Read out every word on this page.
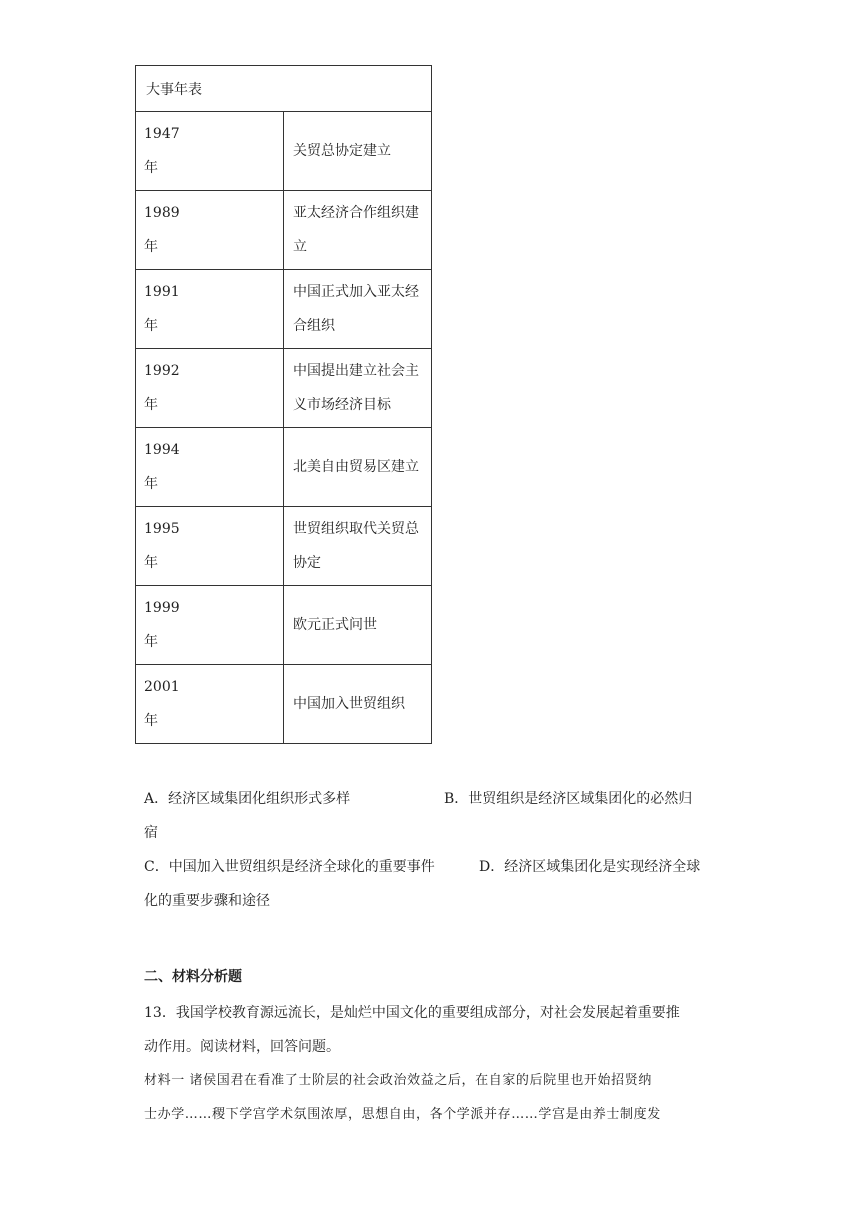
大事年表	

1947
年	关贸总协定建立

1989
年	亚太经济合作组织建立

1991
年	中国正式加入亚太经合组织

1992
年	中国提出建立社会主义市场经济目标

1994
年	北美自由贸易区建立

1995
年	世贸组织取代关贸总协定

1999
年	欧元正式问世

2001
年	中国加入世贸组织
A．经济区域集团化组织形式多样	B．世贸组织是经济区域集团化的必然归
宿
C．中国加入世贸组织是经济全球化的重要事件	D．经济区域集团化是实现经济全球
化的重要步骤和途径
二、材料分析题
13．我国学校教育源远流长，是灿烂中国文化的重要组成部分，对社会发展起着重要推
动作用。阅读材料，回答问题。
材料一 诸侯国君在看准了士阶层的社会政治效益之后，在自家的后院里也开始招贤纳
士办学……稷下学宫学术氛围浓厚，思想自由，各个学派并存……学宫是由养士制度发
